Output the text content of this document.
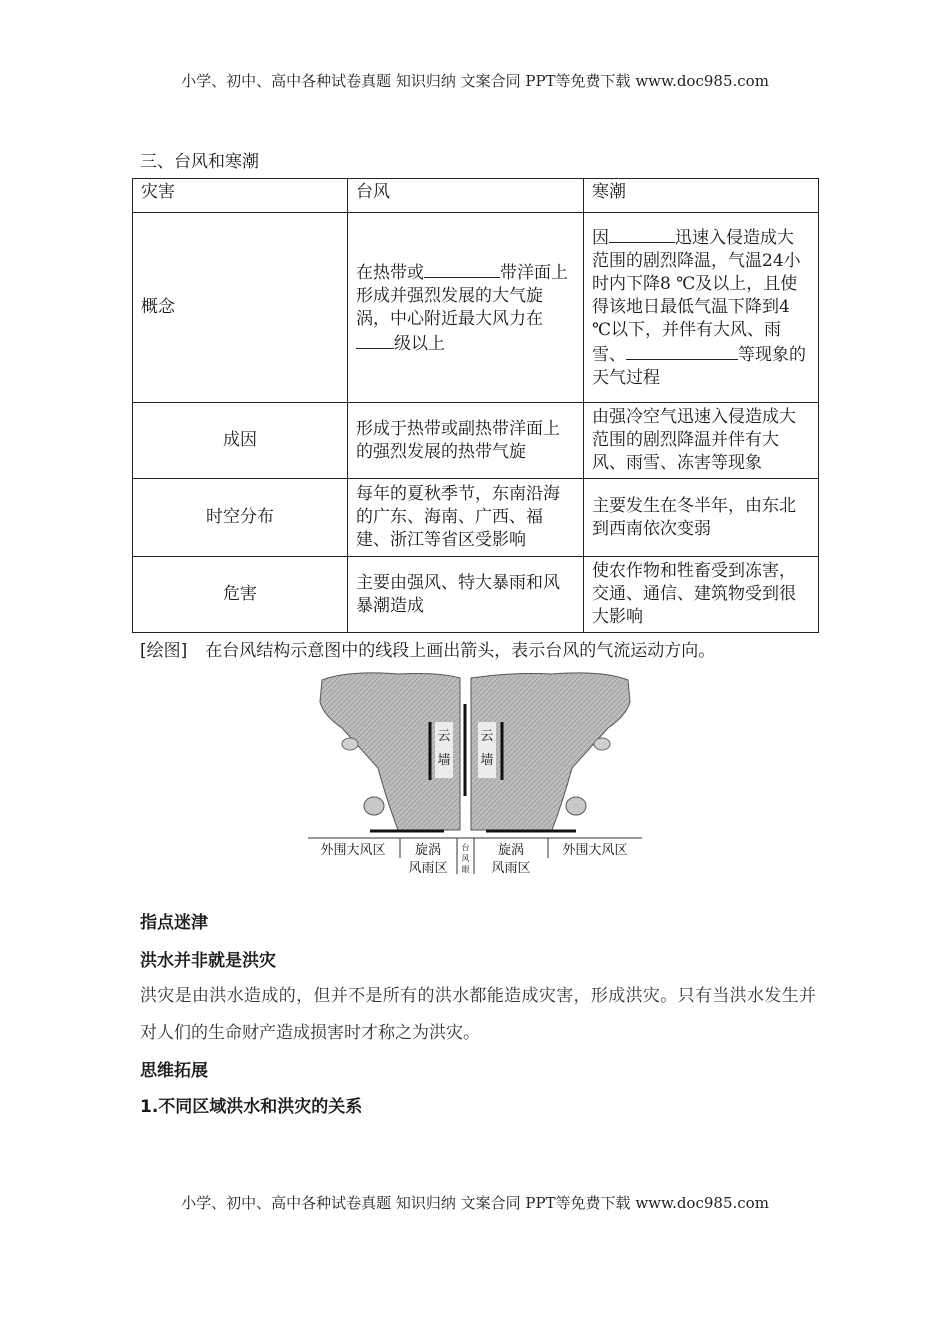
小学、初中、高中各种试卷真题 知识归纳 文案合同 PPT等免费下载 www.doc985.com
三、台风和寒潮
灾害	台风	寒潮
概念	在热带或 带洋面上形成并强烈发展的大气旋涡，中心附近最大风力在级以上	因 迅速入侵造成大范围的剧烈降温，气温24小时内下降8 ℃及以上，且使得该地日最低气温下降到4 ℃以下，并伴有大风、雨雪、 等现象的天气过程
成因	形成于热带或副热带洋面上的强烈发展的热带气旋	由强冷空气迅速入侵造成大范围的剧烈降温并伴有大风、雨雪、冻害等现象
时空分布	每年的夏秋季节，东南沿海的广东、海南、广西、福建、浙江等省区受影响	主要发生在冬半年，由东北到西南依次变弱
危害	主要由强风、特大暴雨和风暴潮造成	使农作物和牲畜受到冻害，交通、通信、建筑物受到很大影响
[绘图] 在台风结构示意图中的线段上画出箭头，表示台风的气流运动方向。
云墙
云墙
外围大风区	旋涡风雨区
台风眼
旋涡风雨区
外围大风区
指点迷津
洪水并非就是洪灾
洪灾是由洪水造成的，但并不是所有的洪水都能造成灾害，形成洪灾。只有当洪水发生并对人们的生命财产造成损害时才称之为洪灾。
思维拓展
1.不同区域洪水和洪灾的关系
小学、初中、高中各种试卷真题 知识归纳 文案合同 PPT等免费下载 www.doc985.com
